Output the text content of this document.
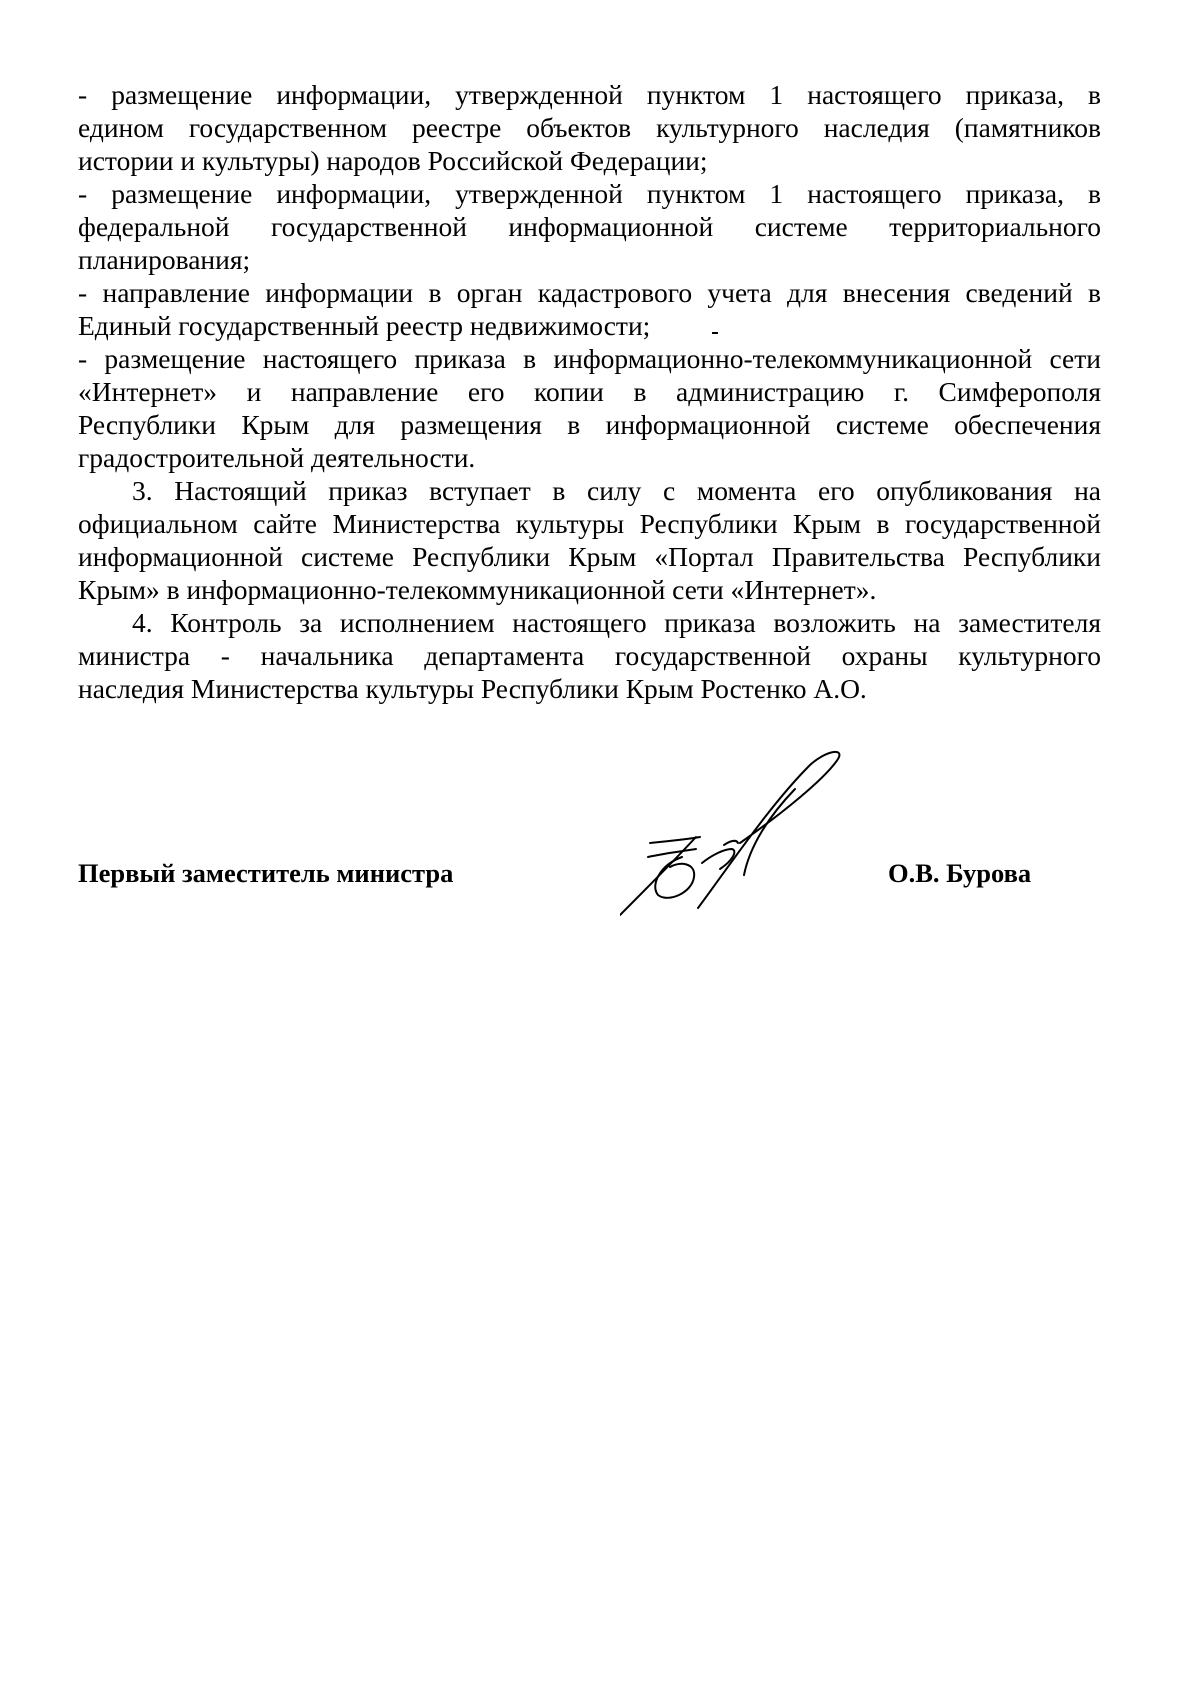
- размещение информации, утвержденной пунктом 1 настоящего приказа, в
едином государственном реестре объектов культурного наследия (памятников
истории и культуры) народов Российской Федерации;
- размещение информации, утвержденной пунктом 1 настоящего приказа, в
федеральной государственной информационной системе территориального
планирования;
- направление информации в орган кадастрового учета для внесения сведений в
Единый государственный реестр недвижимости;
- размещение настоящего приказа в информационно-телекоммуникационной сети
«Интернет» и направление его копии в администрацию г. Симферополя
Республики Крым для размещения в информационной системе обеспечения
градостроительной деятельности.
3. Настоящий приказ вступает в силу с момента его опубликования на
официальном сайте Министерства культуры Республики Крым в государственной
информационной системе Республики Крым «Портал Правительства Республики
Крым» в информационно-телекоммуникационной сети «Интернет».
4. Контроль за исполнением настоящего приказа возложить на заместителя
министра - начальника департамента государственной охраны культурного
наследия Министерства культуры Республики Крым Ростенко А.О.
Первый заместитель министра	О.В. Бурова
